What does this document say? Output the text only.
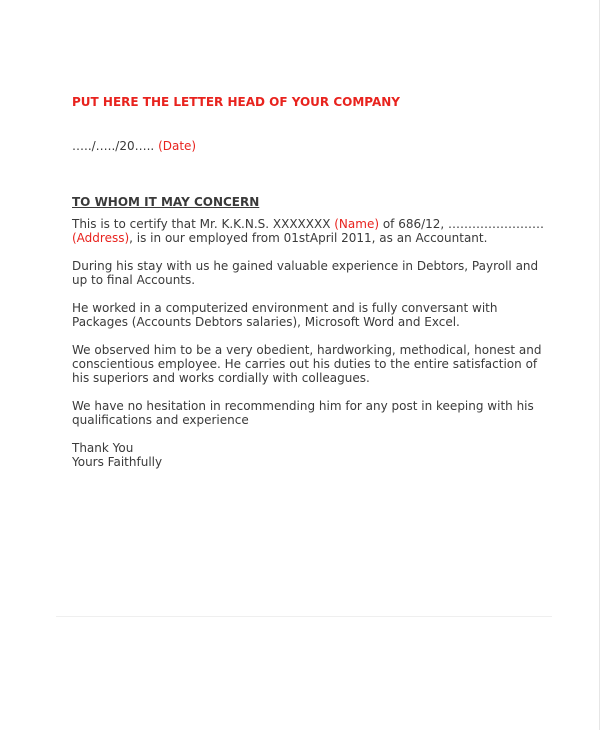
PUT HERE THE LETTER HEAD OF YOUR COMPANY
…../…../20….. (Date)
TO WHOM IT MAY CONCERN
This is to certify that Mr. K.K.N.S. XXXXXXX (Name) of 686/12, ……………………
(Address), is in our employed from 01stApril 2011, as an Accountant.
During his stay with us he gained valuable experience in Debtors, Payroll and
up to final Accounts.
He worked in a computerized environment and is fully conversant with
Packages (Accounts Debtors salaries), Microsoft Word and Excel.
We observed him to be a very obedient, hardworking, methodical, honest and
conscientious employee. He carries out his duties to the entire satisfaction of
his superiors and works cordially with colleagues.
We have no hesitation in recommending him for any post in keeping with his
qualifications and experience
Thank You
Yours Faithfully
